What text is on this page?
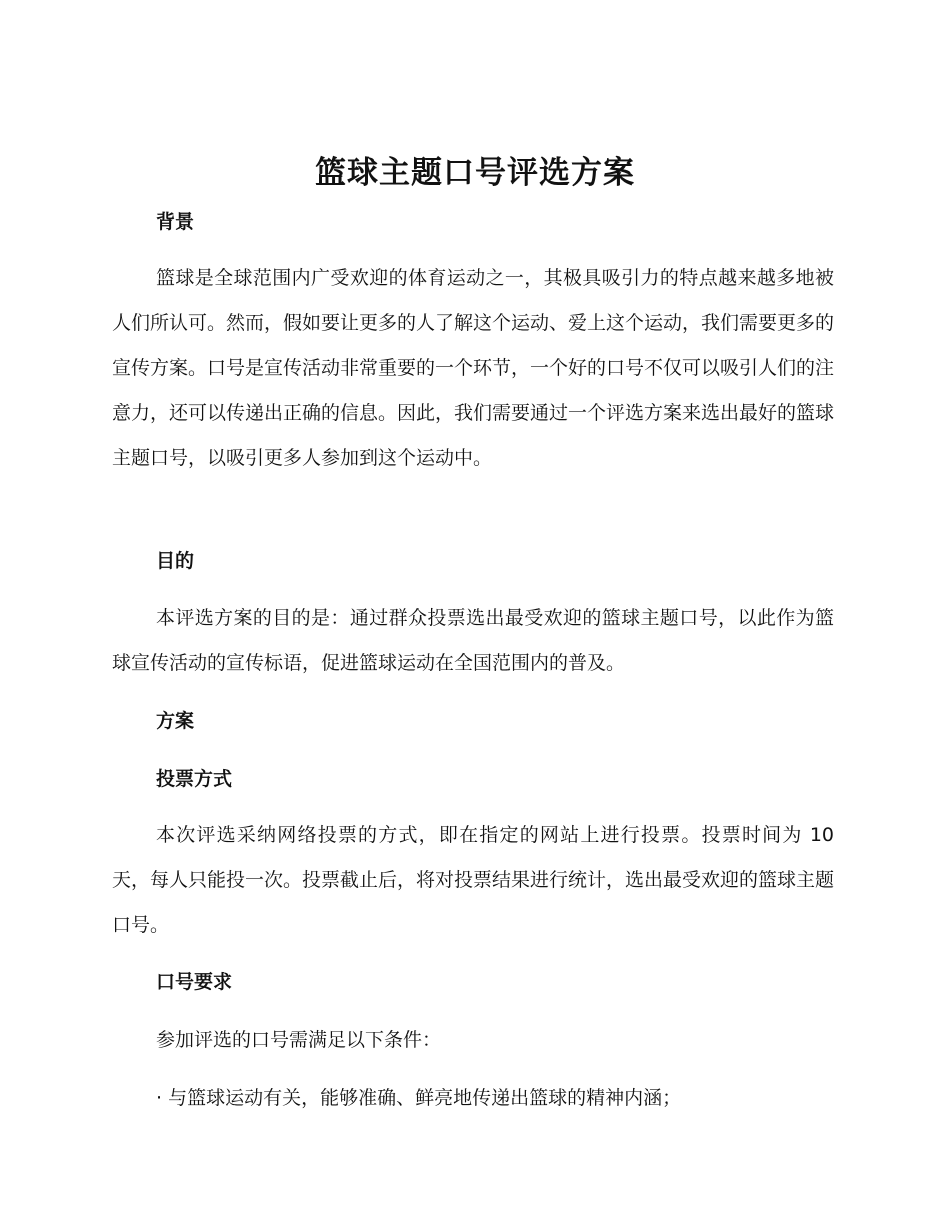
篮球主题口号评选方案
背景
篮球是全球范围内广受欢迎的体育运动之一，其极具吸引力的特点越来越多地被人们所认可。然而，假如要让更多的人了解这个运动、爱上这个运动，我们需要更多的宣传方案。口号是宣传活动非常重要的一个环节，一个好的口号不仅可以吸引人们的注意力，还可以传递出正确的信息。因此，我们需要通过一个评选方案来选出最好的篮球主题口号，以吸引更多人参加到这个运动中。
目的
本评选方案的目的是：通过群众投票选出最受欢迎的篮球主题口号，以此作为篮球宣传活动的宣传标语，促进篮球运动在全国范围内的普及。
方案
投票方式
本次评选采纳网络投票的方式，即在指定的网站上进行投票。投票时间为 10 天，每人只能投一次。投票截止后，将对投票结果进行统计，选出最受欢迎的篮球主题口号。
口号要求
参加评选的口号需满足以下条件：
· 与篮球运动有关，能够准确、鲜亮地传递出篮球的精神内涵；
